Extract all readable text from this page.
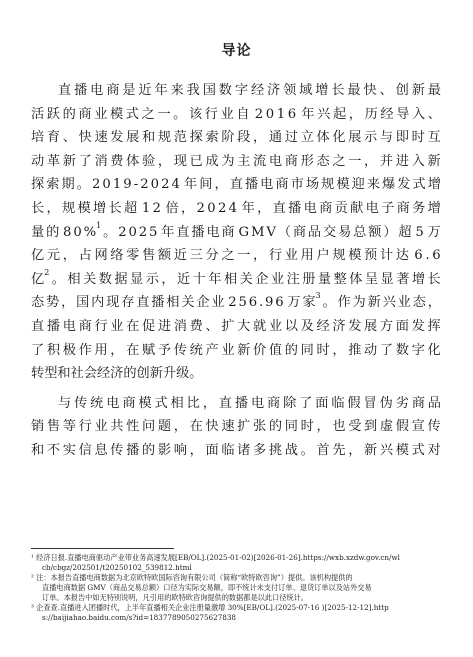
导论
直 播 电 商 是 近 年 来 我 国 数 字 经 济 领 域 增 长 最 快 、 创 新 最
活 跃 的 商 业 模 式 之 一 。 该 行 业 自 2 0 1 6 年 兴 起 ， 历 经 导 入 、
培 育 、 快 速 发 展 和 规 范 探 索 阶 段 ， 通 过 立 体 化 展 示 与 即 时 互
动 革 新 了 消 费 体 验 ， 现 已 成 为 主 流 电 商 形 态 之 一 ， 并 进 入 新
探 索 期 。 2 0 1 9 - 2 0 2 4 年 间 ， 直 播 电 商 市 场 规 模 迎 来 爆 发 式 增
长 ， 规 模 增 长 超 1 2 倍 ， 2 0 2 4 年 ， 直 播 电 商 贡 献 电 子 商 务 增
量 的 8 0 %$^1$ 。 2 0 2 5 年 直 播 电 商 G M V （ 商 品 交 易 总 额 ） 超 5 万
亿 元 ， 占 网 络 零 售 额 近 三 分 之 一 ， 行 业 用 户 规 模 预 计 达 6 . 6
亿$^2$ 。 相 关 数 据 显 示 ， 近 十 年 相 关 企 业 注 册 量 整 体 呈 显 著 增 长
态 势 ， 国 内 现 存 直 播 相 关 企 业 2 5 6 . 9 6 万 家$^3$ 。 作 为 新 兴 业 态 ，
直 播 电 商 行 业 在 促 进 消 费 、 扩 大 就 业 以 及 经 济 发 展 方 面 发 挥
了 积 极 作 用 ， 在 赋 予 传 统 产 业 新 价 值 的 同 时 ， 推 动 了 数 字 化
转 型 和 社 会 经 济 的 创 新 升 级 。
与 传 统 电 商 模 式 相 比 ， 直 播 电 商 除 了 面 临 假 冒 伪 劣 商 品
销 售 等 行 业 共 性 问 题 ， 在 快 速 扩 张 的 同 时 ， 也 受 到 虚 假 宣 传
和 不 实 信 息 传 播 的 影 响 ， 面 临 诸 多 挑 战 。 首 先 ， 新 兴 模 式 对
¹ 经济日报.直播电商驱动产业带业务高速发展[EB/OL].(2025-01-02)[2026-01-26].https://wxb.xzdw.gov.cn/wl
cb/cbgz/202501/t20250102_539812.html
² 注：本报告直播电商数据为北京欧特欧国际咨询有限公司（简称“欧特欧咨询”）提供。该机构提供的
直播电商数据 GMV（商品交易总额）口径为实际交易额，即不统计未支付订单、退货订单以及站外交易
订单。本报告中如无特别说明，凡引用的欧特欧咨询提供的数据都是以此口径统计。
³ 企查查.直播进入团播时代，上半年直播相关企业注册量激增 30%[EB/OL].(2025-07-16 )[2025-12-12].http
s://baijiahao.baidu.com/s?id=1837789050275627838
